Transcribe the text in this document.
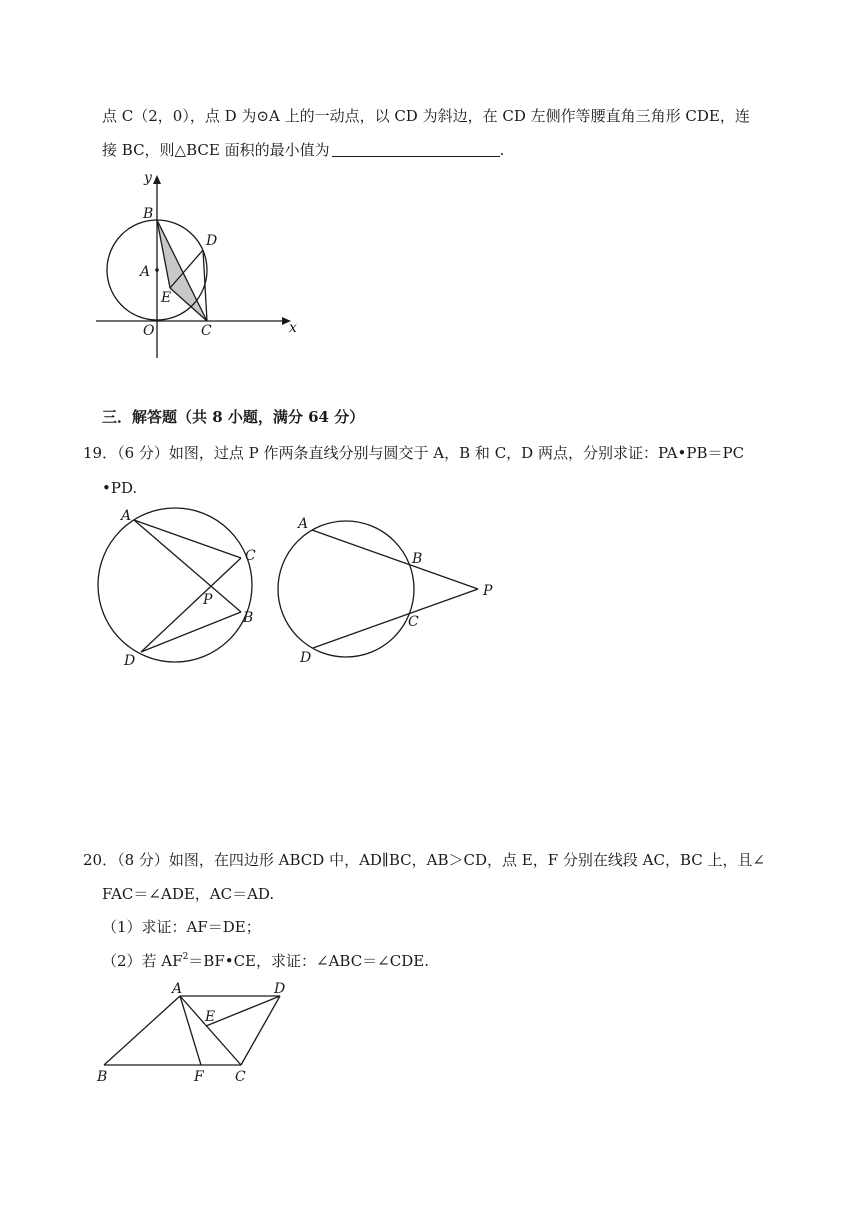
点 C（2，0），点 D 为⊙A 上的一动点，以 CD 为斜边，在 CD 左侧作等腰直角三角形 CDE，连
接 BC，则△BCE 面积的最小值为	.
y
x
B
D
A
E
O	C
三．解答题（共 8 小题，满分 64 分）
19．（6 分）如图，过点 P 作两条直线分别与圆交于 A，B 和 C，D 两点，分别求证：PA•PB＝PC
•PD.
A
C
P
B
D
A
B
P
C
D
20．（8 分）如图，在四边形 ABCD 中，AD∥BC，AB＞CD，点 E，F 分别在线段 AC，BC 上，且∠
FAC＝∠ADE，AC＝AD.
（1）求证：AF＝DE；
（2）若 $AF^2=BF•CE$，求证：∠ABC＝∠CDE.
A	D
E
B	F C
